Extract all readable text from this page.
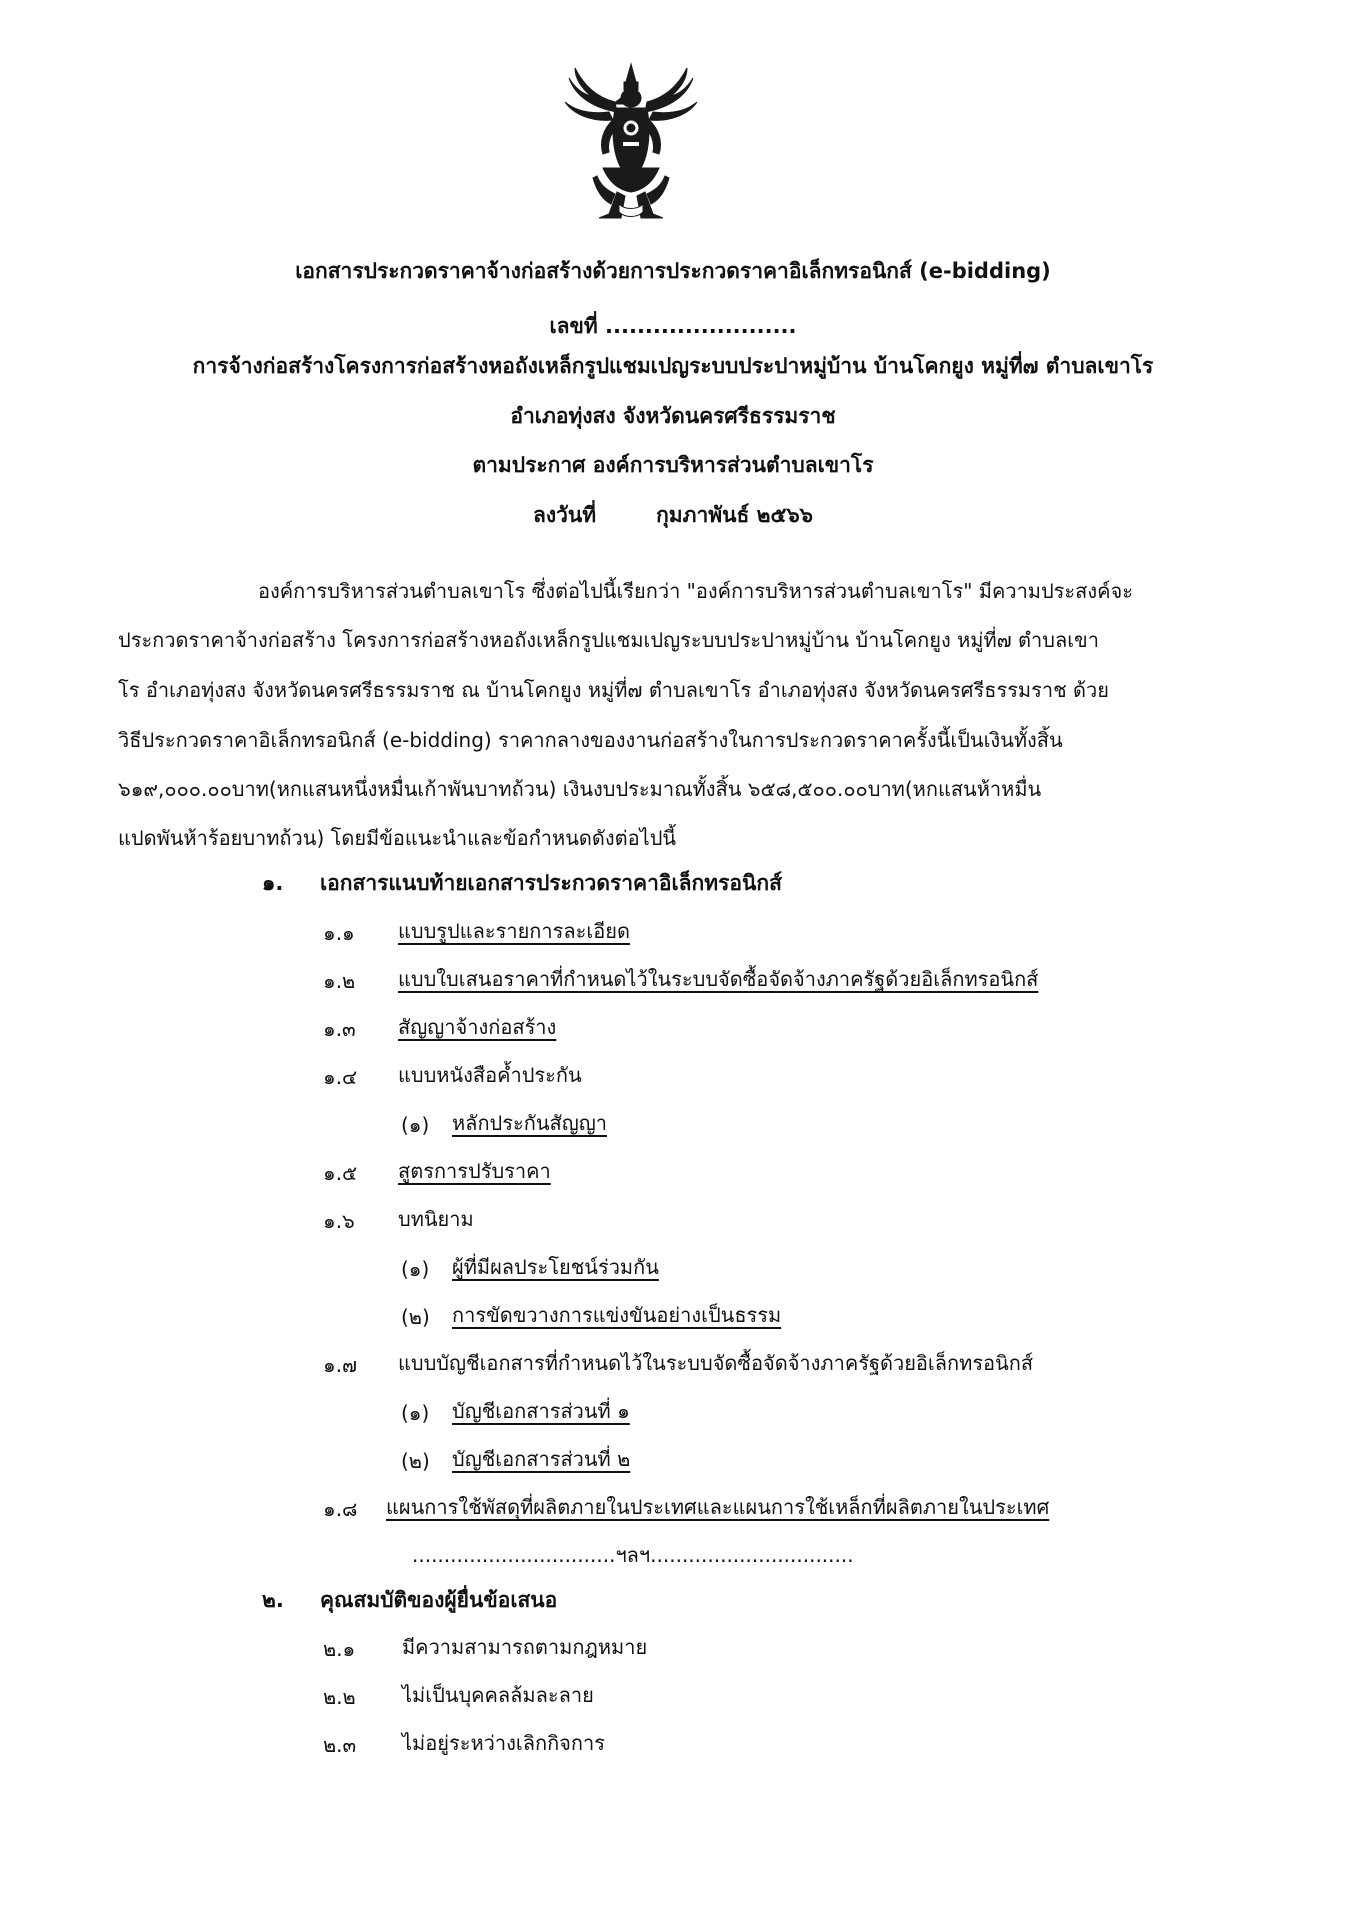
เอกสารประกวดราคาจ้างก่อสร้างด้วยการประกวดราคาอิเล็กทรอนิกส์ (e-bidding)
เลขที่ ........................
การจ้างก่อสร้างโครงการก่อสร้างหอถังเหล็กรูปแชมเปญระบบประปาหมู่บ้าน บ้านโคกยูง หมู่ที่๗ ตำบลเขาโร
อำเภอทุ่งสง จังหวัดนครศรีธรรมราช
ตามประกาศ องค์การบริหารส่วนตำบลเขาโร
ลงวันที่	กุมภาพันธ์ ๒๕๖๖
องค์การบริหารส่วนตำบลเขาโร ซึ่งต่อไปนี้เรียกว่า "องค์การบริหารส่วนตำบลเขาโร" มีความประสงค์จะ
ประกวดราคาจ้างก่อสร้าง โครงการก่อสร้างหอถังเหล็กรูปแชมเปญระบบประปาหมู่บ้าน บ้านโคกยูง หมู่ที่๗ ตำบลเขา
โร อำเภอทุ่งสง จังหวัดนครศรีธรรมราช ณ บ้านโคกยูง หมู่ที่๗ ตำบลเขาโร อำเภอทุ่งสง จังหวัดนครศรีธรรมราช ด้วย
วิธีประกวดราคาอิเล็กทรอนิกส์ (e-bidding) ราคากลางของงานก่อสร้างในการประกวดราคาครั้งนี้เป็นเงินทั้งสิ้น
๖๑๙,๐๐๐.๐๐บาท(หกแสนหนึ่งหมื่นเก้าพันบาทถ้วน) เงินงบประมาณทั้งสิ้น ๖๕๘,๕๐๐.๐๐บาท(หกแสนห้าหมื่น
แปดพันห้าร้อยบาทถ้วน) โดยมีข้อแนะนำและข้อกำหนดดังต่อไปนี้
๑. เอกสารแนบท้ายเอกสารประกวดราคาอิเล็กทรอนิกส์
๑.๑ แบบรูปและรายการละเอียด
๑.๒ แบบใบเสนอราคาที่กำหนดไว้ในระบบจัดซื้อจัดจ้างภาครัฐด้วยอิเล็กทรอนิกส์
๑.๓ สัญญาจ้างก่อสร้าง
๑.๔ แบบหนังสือค้ำประกัน
(๑) หลักประกันสัญญา
๑.๕ สูตรการปรับราคา
๑.๖ บทนิยาม
(๑) ผู้ที่มีผลประโยชน์ร่วมกัน
(๒) การขัดขวางการแข่งขันอย่างเป็นธรรม
๑.๗ แบบบัญชีเอกสารที่กำหนดไว้ในระบบจัดซื้อจัดจ้างภาครัฐด้วยอิเล็กทรอนิกส์
(๑) บัญชีเอกสารส่วนที่ ๑
(๒) บัญชีเอกสารส่วนที่ ๒
๑.๘ แผนการใช้พัสดุที่ผลิตภายในประเทศและแผนการใช้เหล็กที่ผลิตภายในประเทศ
................................ฯลฯ................................
๒. คุณสมบัติของผู้ยื่นข้อเสนอ
๒.๑ มีความสามารถตามกฎหมาย
๒.๒ ไม่เป็นบุคคลล้มละลาย
๒.๓ ไม่อยู่ระหว่างเลิกกิจการ
